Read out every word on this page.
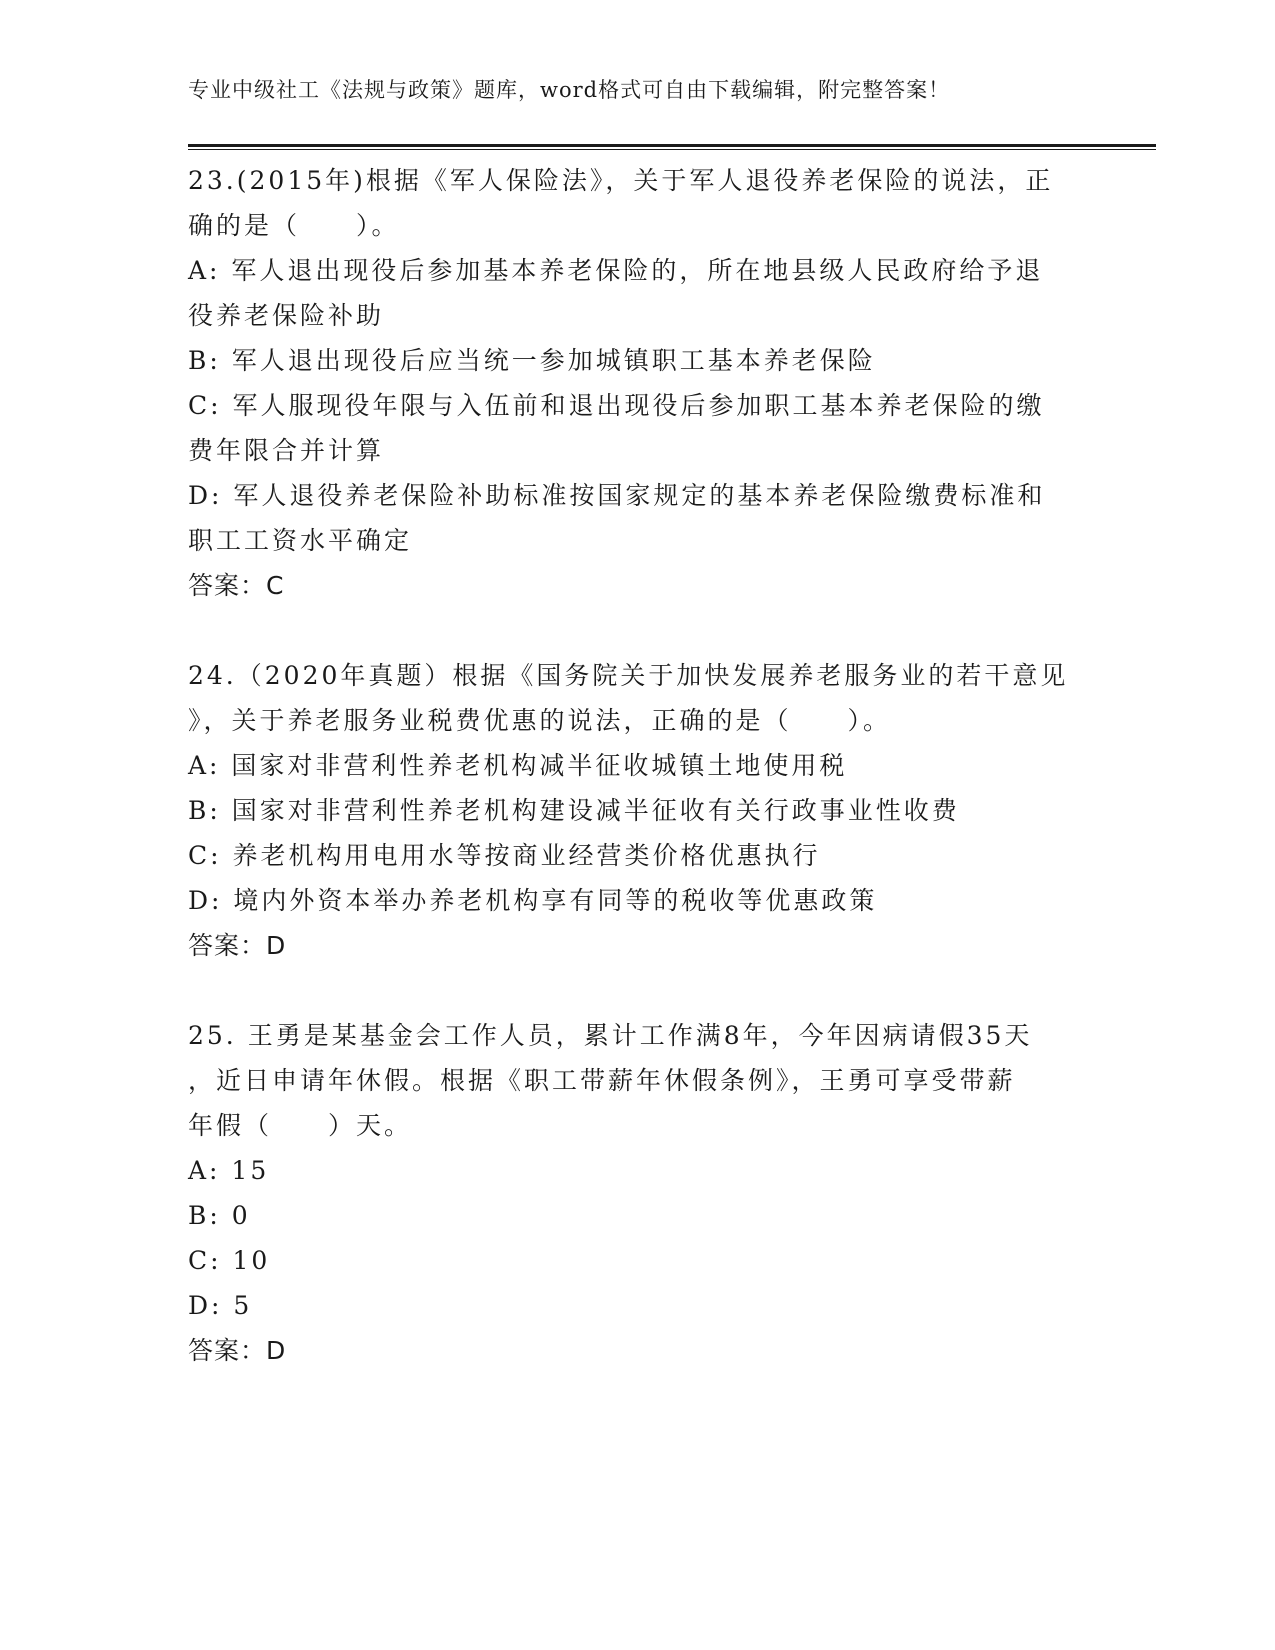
专业中级社工《法规与政策》题库，word格式可自由下载编辑，附完整答案！
23.(2015年)根据《军人保险法》，关于军人退役养老保险的说法，正
确的是（　　）。
A: 军人退出现役后参加基本养老保险的，所在地县级人民政府给予退
役养老保险补助
B: 军人退出现役后应当统一参加城镇职工基本养老保险
C: 军人服现役年限与入伍前和退出现役后参加职工基本养老保险的缴
费年限合并计算
D: 军人退役养老保险补助标准按国家规定的基本养老保险缴费标准和
职工工资水平确定
答案：C
24.（2020年真题）根据《国务院关于加快发展养老服务业的若干意见
》，关于养老服务业税费优惠的说法，正确的是（　　）。
A: 国家对非营利性养老机构减半征收城镇土地使用税
B: 国家对非营利性养老机构建设减半征收有关行政事业性收费
C: 养老机构用电用水等按商业经营类价格优惠执行
D: 境内外资本举办养老机构享有同等的税收等优惠政策
答案：D
25. 王勇是某基金会工作人员，累计工作满8年，今年因病请假35天
，近日申请年休假。根据《职工带薪年休假条例》，王勇可享受带薪
年假（　　）天。
A: 15
B: 0
C: 10
D: 5
答案：D
